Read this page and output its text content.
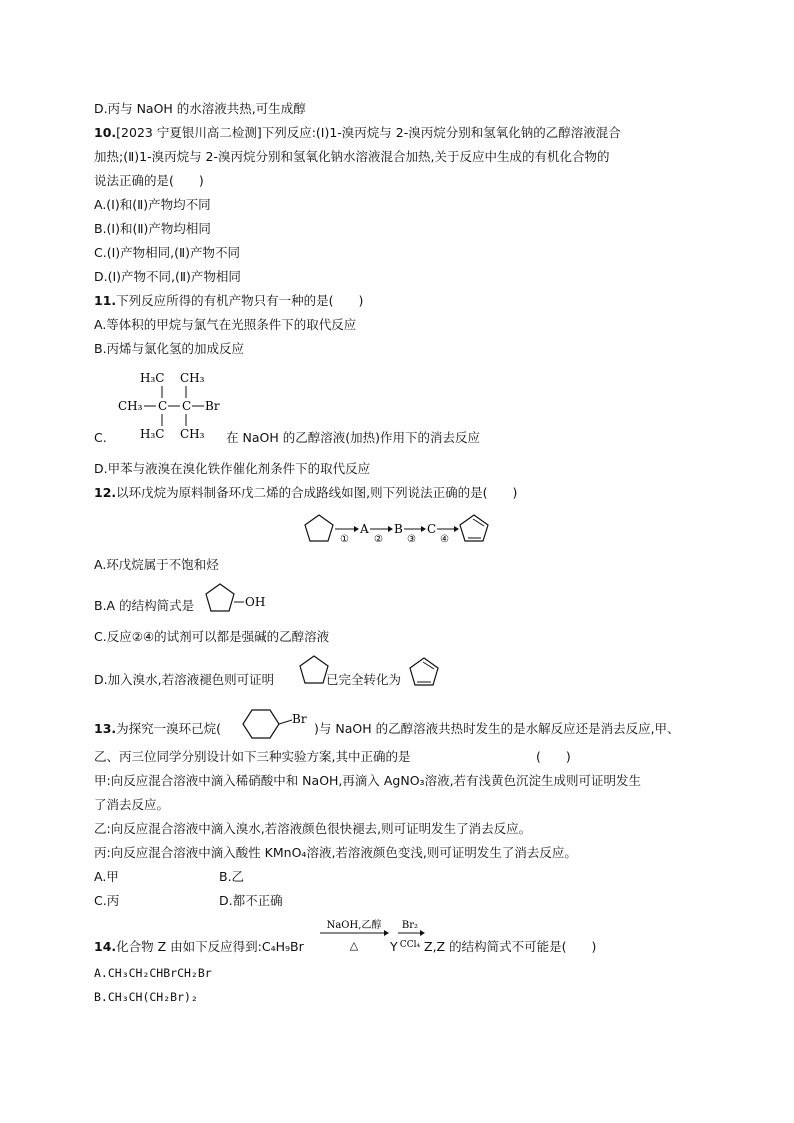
D.丙与 NaOH 的水溶液共热,可生成醇
10.[2023 宁夏银川高二检测]下列反应:(Ⅰ)1-溴丙烷与 2-溴丙烷分别和氢氧化钠的乙醇溶液混合
加热;(Ⅱ)1-溴丙烷与 2-溴丙烷分别和氢氧化钠水溶液混合加热,关于反应中生成的有机化合物的
说法正确的是(　　)
A.(Ⅰ)和(Ⅱ)产物均不同
B.(Ⅰ)和(Ⅱ)产物均相同
C.(Ⅰ)产物相同,(Ⅱ)产物不同
D.(Ⅰ)产物不同,(Ⅱ)产物相同
11.下列反应所得的有机产物只有一种的是(　　)
A.等体积的甲烷与氯气在光照条件下的取代反应
B.丙烯与氯化氢的加成反应
H₃C CH₃
CH₃ C C Br
H₃C CH₃
C.	在 NaOH 的乙醇溶液(加热)作用下的消去反应
D.甲苯与液溴在溴化铁作催化剂条件下的取代反应
12.以环戊烷为原料制备环戊二烯的合成路线如图,则下列说法正确的是(　　)
①
A
②
B
③
C
④
A.环戊烷属于不饱和烃
B.A 的结构简式是	OH
C.反应②④的试剂可以都是强碱的乙醇溶液
D.加入溴水,若溶液褪色则可证明	已完全转化为
13.为探究一溴环己烷(
Br
)与 NaOH 的乙醇溶液共热时发生的是水解反应还是消去反应,甲、
乙、丙三位同学分别设计如下三种实验方案,其中正确的是	(　　)
甲:向反应混合溶液中滴入稀硝酸中和 NaOH,再滴入 AgNO₃溶液,若有浅黄色沉淀生成则可证明发生
了消去反应。
乙:向反应混合溶液中滴入溴水,若溶液颜色很快褪去,则可证明发生了消去反应。
丙:向反应混合溶液中滴入酸性 KMnO₄溶液,若溶液颜色变浅,则可证明发生了消去反应。
A.甲	B.乙
C.丙	D.都不正确
14.化合物 Z 由如下反应得到:C₄H₉Br
NaOH,乙醇
△	Y
Br₂
CCl₄ Z,Z 的结构简式不可能是(　　)
A.CH₃CH₂CHBrCH₂Br
B.CH₃CH(CH₂Br)₂
